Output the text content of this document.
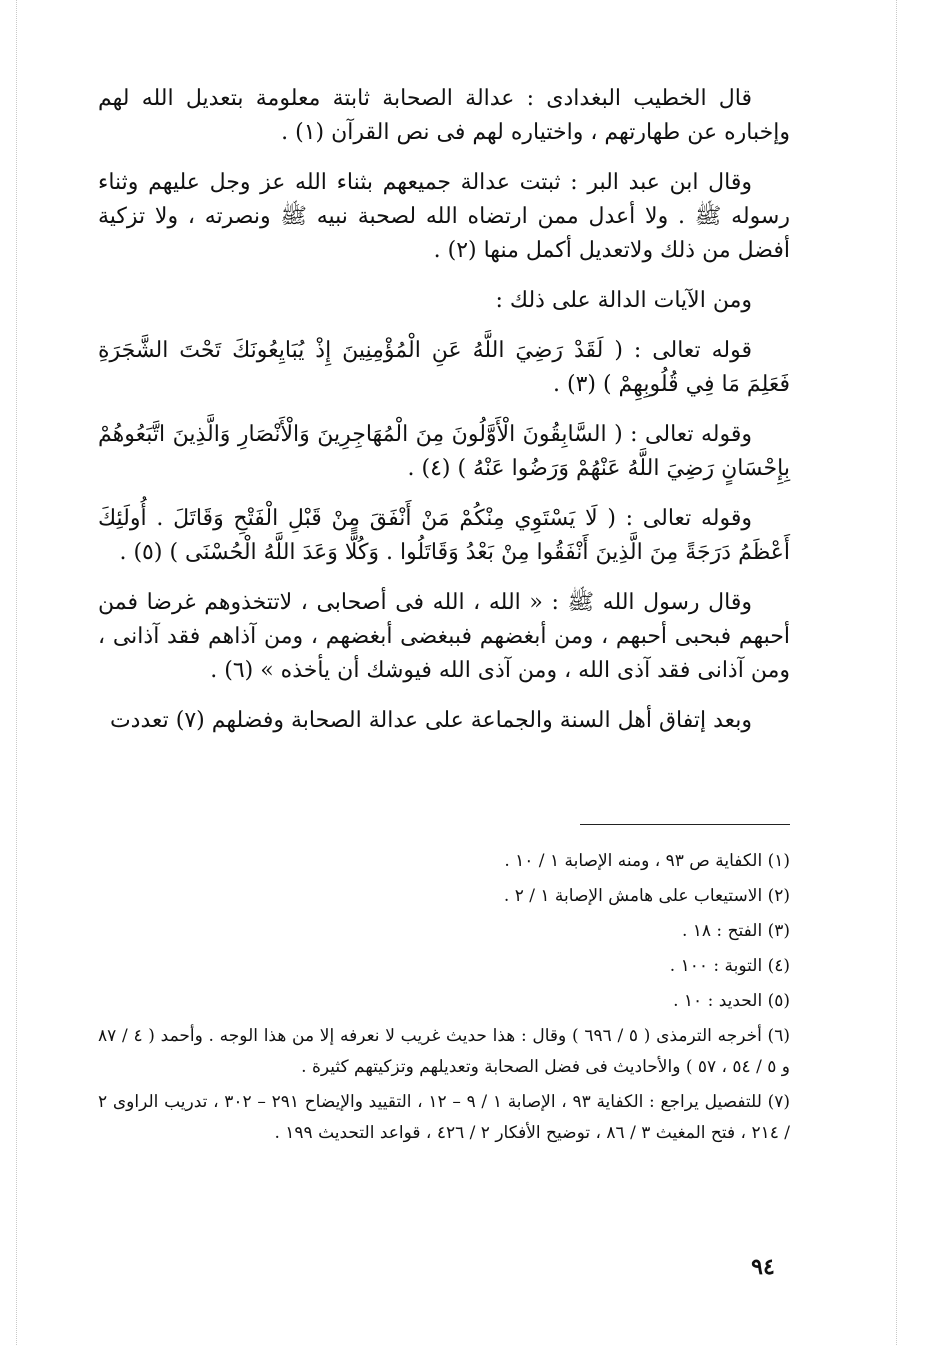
قال الخطيب البغدادى : عدالة الصحابة ثابتة معلومة بتعديل الله لهم وإخباره عن طهارتهم ، واختياره لهم فى نص القرآن (١) .

وقال ابن عبد البر : ثبتت عدالة جميعهم بثناء الله عز وجل عليهم وثناء رسوله ﷺ . ولا أعدل ممن ارتضاه الله لصحبة نبيه ﷺ ونصرته ، ولا تزكية أفضل من ذلك ولاتعديل أكمل منها (٢) .

ومن الآيات الدالة على ذلك :

قوله تعالى : ( لَقَدْ رَضِيَ اللَّهُ عَنِ الْمُؤْمِنِينَ إِذْ يُبَايِعُونَكَ تَحْتَ الشَّجَرَةِ فَعَلِمَ مَا فِي قُلُوبِهِمْ ) (٣) .

وقوله تعالى : ( السَّابِقُونَ الْأَوَّلُونَ مِنَ الْمُهَاجِرِينَ وَالْأَنْصَارِ وَالَّذِينَ اتَّبَعُوهُمْ بِإِحْسَانٍ رَضِيَ اللَّهُ عَنْهُمْ وَرَضُوا عَنْهُ ) (٤) .

وقوله تعالى : ( لَا يَسْتَوِي مِنْكُمْ مَنْ أَنْفَقَ مِنْ قَبْلِ الْفَتْحِ وَقَاتَلَ . أُولَئِكَ أَعْظَمُ دَرَجَةً مِنَ الَّذِينَ أَنْفَقُوا مِنْ بَعْدُ وَقَاتَلُوا . وَكُلًّا وَعَدَ اللَّهُ الْحُسْنَى ) (٥) .

وقال رسول الله ﷺ : « الله ، الله فى أصحابى ، لاتتخذوهم غرضا فمن أحبهم فبحبى أحبهم ، ومن أبغضهم فببغضى أبغضهم ، ومن آذاهم فقد آذانى ، ومن آذانى فقد آذى الله ، ومن آذى الله فيوشك أن يأخذه » (٦) .

وبعد إتفاق أهل السنة والجماعة على عدالة الصحابة وفضلهم (٧) تعددت

(١) الكفاية ص ٩٣ ، ومنه الإصابة ١ / ١٠ .

(٢) الاستيعاب على هامش الإصابة ١ / ٢ .

(٣) الفتح : ١٨ .

(٤) التوبة : ١٠٠ .

(٥) الحديد : ١٠ .

(٦) أخرجه الترمذى ( ٥ / ٦٩٦ ) وقال : هذا حديث غريب لا نعرفه إلا من هذا الوجه . وأحمد ( ٤ / ٨٧ و ٥ / ٥٤ ، ٥٧ ) والأحاديث فى فضل الصحابة وتعديلهم وتزكيتهم كثيرة .

(٧) للتفصيل يراجع : الكفاية ٩٣ ، الإصابة ١ / ٩ – ١٢ ، التقييد والإيضاح ٢٩١ – ٣٠٢ ، تدريب الراوى ٢ / ٢١٤ ، فتح المغيث ٣ / ٨٦ ، توضيح الأفكار ٢ / ٤٢٦ ، قواعد التحديث ١٩٩ .

٩٤
